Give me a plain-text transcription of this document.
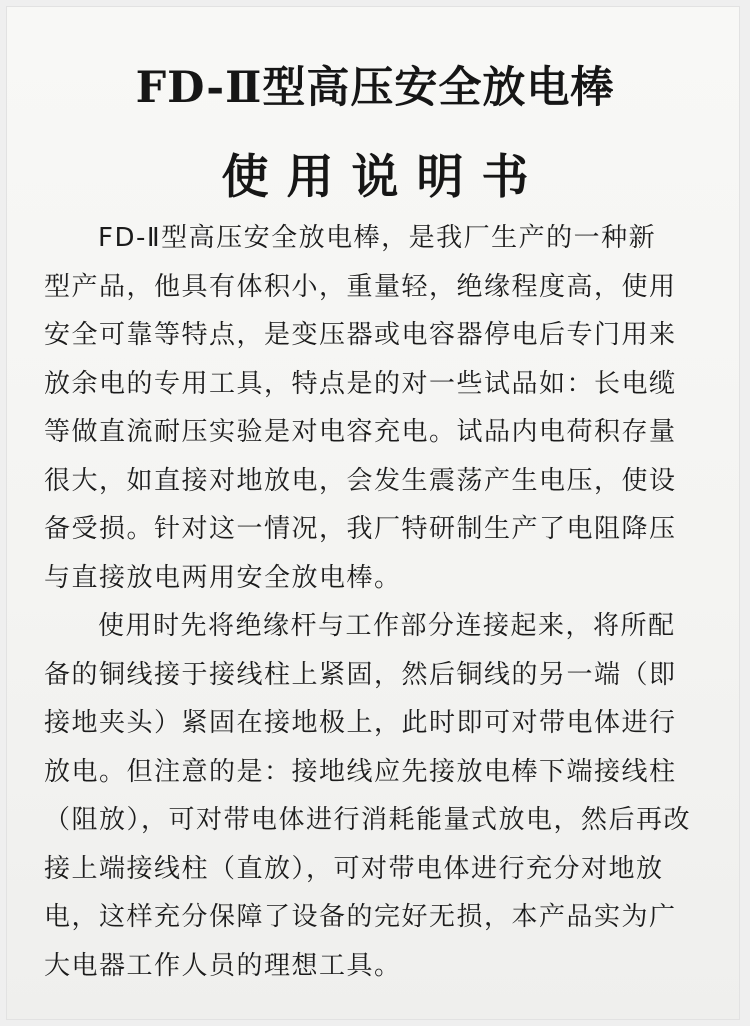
FD-Ⅱ型高压安全放电棒
使用说明书
FD-Ⅱ型高压安全放电棒，是我厂生产的一种新
型产品，他具有体积小，重量轻，绝缘程度高，使用
安全可靠等特点，是变压器或电容器停电后专门用来
放余电的专用工具，特点是的对一些试品如：长电缆
等做直流耐压实验是对电容充电。试品内电荷积存量
很大，如直接对地放电，会发生震荡产生电压，使设
备受损。针对这一情况，我厂特研制生产了电阻降压
与直接放电两用安全放电棒。
使用时先将绝缘杆与工作部分连接起来，将所配
备的铜线接于接线柱上紧固，然后铜线的另一端（即
接地夹头）紧固在接地极上，此时即可对带电体进行
放电。但注意的是：接地线应先接放电棒下端接线柱
（阻放），可对带电体进行消耗能量式放电，然后再改
接上端接线柱（直放），可对带电体进行充分对地放
电，这样充分保障了设备的完好无损，本产品实为广
大电器工作人员的理想工具。
